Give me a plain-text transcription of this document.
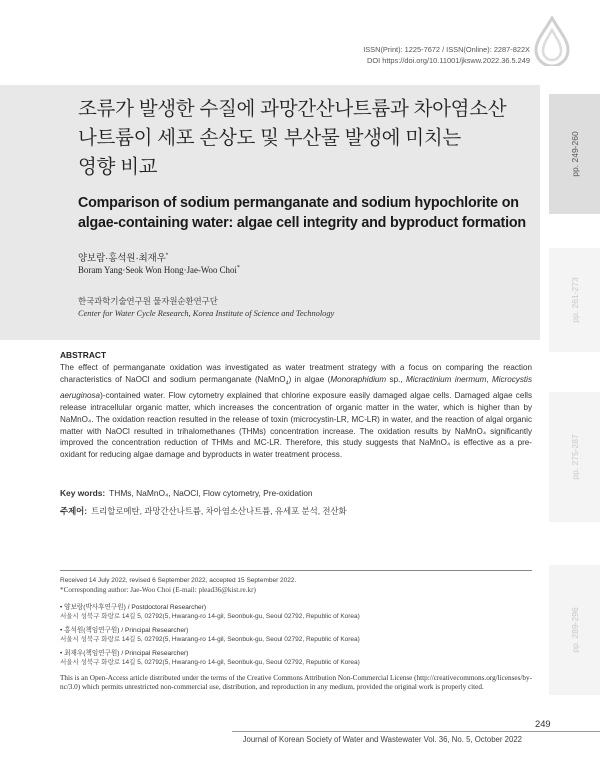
ISSN(Print): 1225-7672 / ISSN(Online): 2287-822X
DOI https://doi.org/10.11001/jksww.2022.36.5.249
조류가 발생한 수질에 과망간산나트륨과 차아염소산
나트륨이 세포 손상도 및 부산물 발생에 미치는
영향 비교
Comparison of sodium permanganate and sodium hypochlorite on algae-containing water: algae cell integrity and byproduct formation
양보람·홍석원·최재우*
Boram Yang·Seok Won Hong·Jae-Woo Choi*
한국과학기술연구원 물자원순환연구단
Center for Water Cycle Research, Korea Institute of Science and Technology
pp. 249-260
pp. 261-273
pp. 275-287
pp. 289-296
ABSTRACT
The effect of permanganate oxidation was investigated as water treatment strategy with a focus on comparing the reaction characteristics of NaOCl and sodium permanganate (NaMnO$_4$) in algae (Monoraphidium sp., Micractinium inermum, Microcystis aeruginosa)-contained water. Flow cytometry explained that chlorine exposure easily damaged algae cells. Damaged algae cells release intracellular organic matter, which increases the concentration of organic matter in the water, which is higher than by NaMnO₄. The oxidation reaction resulted in the release of toxin (microcystin-LR, MC-LR) in water, and the reaction of algal organic matter with NaOCl resulted in trihalomethanes (THMs) concentration increase. The oxidation results by NaMnO₄ significantly improved the concentration reduction of THMs and MC-LR. Therefore, this study suggests that NaMnO₄ is effective as a pre-oxidant for reducing algae damage and byproducts in water treatment process.
Key words: THMs, NaMnO₄, NaOCl, Flow cytometry, Pre-oxidation
주제어: 트리할로메탄, 과망간산나트륨, 차아염소산나트륨, 유세포 분석, 전산화
Received 14 July 2022, revised 6 September 2022, accepted 15 September 2022.
*Corresponding author: Jae-Woo Choi (E-mail: plead36@kist.re.kr)
• 양보람(박사후연구원) / Postdoctoral Researcher)
서울시 성북구 화랑로 14길 5, 02792(5, Hwarang-ro 14-gil, Seonbuk-gu, Seoul 02792, Republic of Korea)
• 홍석원(책임연구원) / Principal Researcher)
서울시 성북구 화랑로 14길 5, 02792(5, Hwarang-ro 14-gil, Seonbuk-gu, Seoul 02792, Republic of Korea)
• 최재우(책임연구원) / Principal Researcher)
서울시 성북구 화랑로 14길 5, 02792(5, Hwarang-ro 14-gil, Seonbuk-gu, Seoul 02792, Republic of Korea)
This is an Open-Access article distributed under the terms of the Creative Commons Attribution Non-Commercial License (http://creativecommons.org/licenses/by-nc/3.0) which permits unrestricted non-commercial use, distribution, and reproduction in any medium, provided the original work is properly cited.
249
Journal of Korean Society of Water and Wastewater Vol. 36, No. 5, October 2022
